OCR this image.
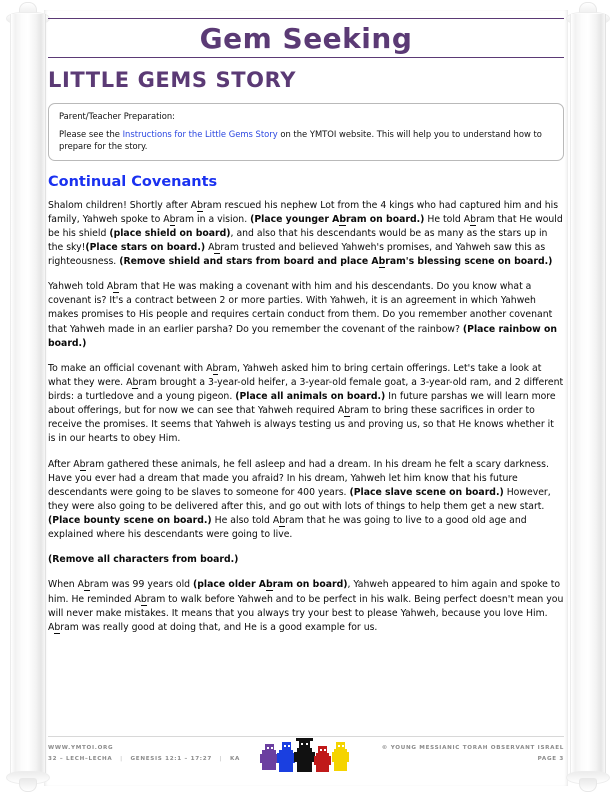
Gem Seeking
LITTLE GEMS STORY
Parent/Teacher Preparation:
Please see the Instructions for the Little Gems Story on the YMTOI website. This will help you to understand how to prepare for the story.
Continual Covenants

Shalom children! Shortly after Abram rescued his nephew Lot from the 4 kings who had captured him and his family, Yahweh spoke to Abram in a vision. (Place younger Abram on board.) He told Abram that He would be his shield (place shield on board), and also that his descendants would be as many as the stars up in the sky!(Place stars on board.) Abram trusted and believed Yahweh's promises, and Yahweh saw this as righteousness. (Remove shield and stars from board and place Abram's blessing scene on board.)

Yahweh told Abram that He was making a covenant with him and his descendants. Do you know what a covenant is? It's a contract between 2 or more parties. With Yahweh, it is an agreement in which Yahweh makes promises to His people and requires certain conduct from them. Do you remember another covenant that Yahweh made in an earlier parsha? Do you remember the covenant of the rainbow? (Place rainbow on board.)

To make an official covenant with Abram, Yahweh asked him to bring certain offerings. Let's take a look at what they were. Abram brought a 3-year-old heifer, a 3-year-old female goat, a 3-year-old ram, and 2 different birds: a turtledove and a young pigeon. (Place all animals on board.) In future parshas we will learn more about offerings, but for now we can see that Yahweh required Abram to bring these sacrifices in order to receive the promises. It seems that Yahweh is always testing us and proving us, so that He knows whether it is in our hearts to obey Him.

After Abram gathered these animals, he fell asleep and had a dream. In his dream he felt a scary darkness. Have you ever had a dream that made you afraid? In his dream, Yahweh let him know that his future descendants were going to be slaves to someone for 400 years. (Place slave scene on board.) However, they were also going to be delivered after this, and go out with lots of things to help them get a new start. (Place bounty scene on board.) He also told Abram that he was going to live to a good old age and explained where his descendants were going to live.

(Remove all characters from board.)

When Abram was 99 years old (place older Abram on board), Yahweh appeared to him again and spoke to him. He reminded Abram to walk before Yahweh and to be perfect in his walk. Being perfect doesn't mean you will never make mistakes. It means that you always try your best to please Yahweh, because you love Him. Abram was really good at doing that, and He is a good example for us.

WWW.YMTOI.ORG
32 – LECH–LECHA | GENESIS 12:1 – 17:27 | KA
© YOUNG MESSIANIC TORAH OBSERVANT ISRAEL
PAGE 3
